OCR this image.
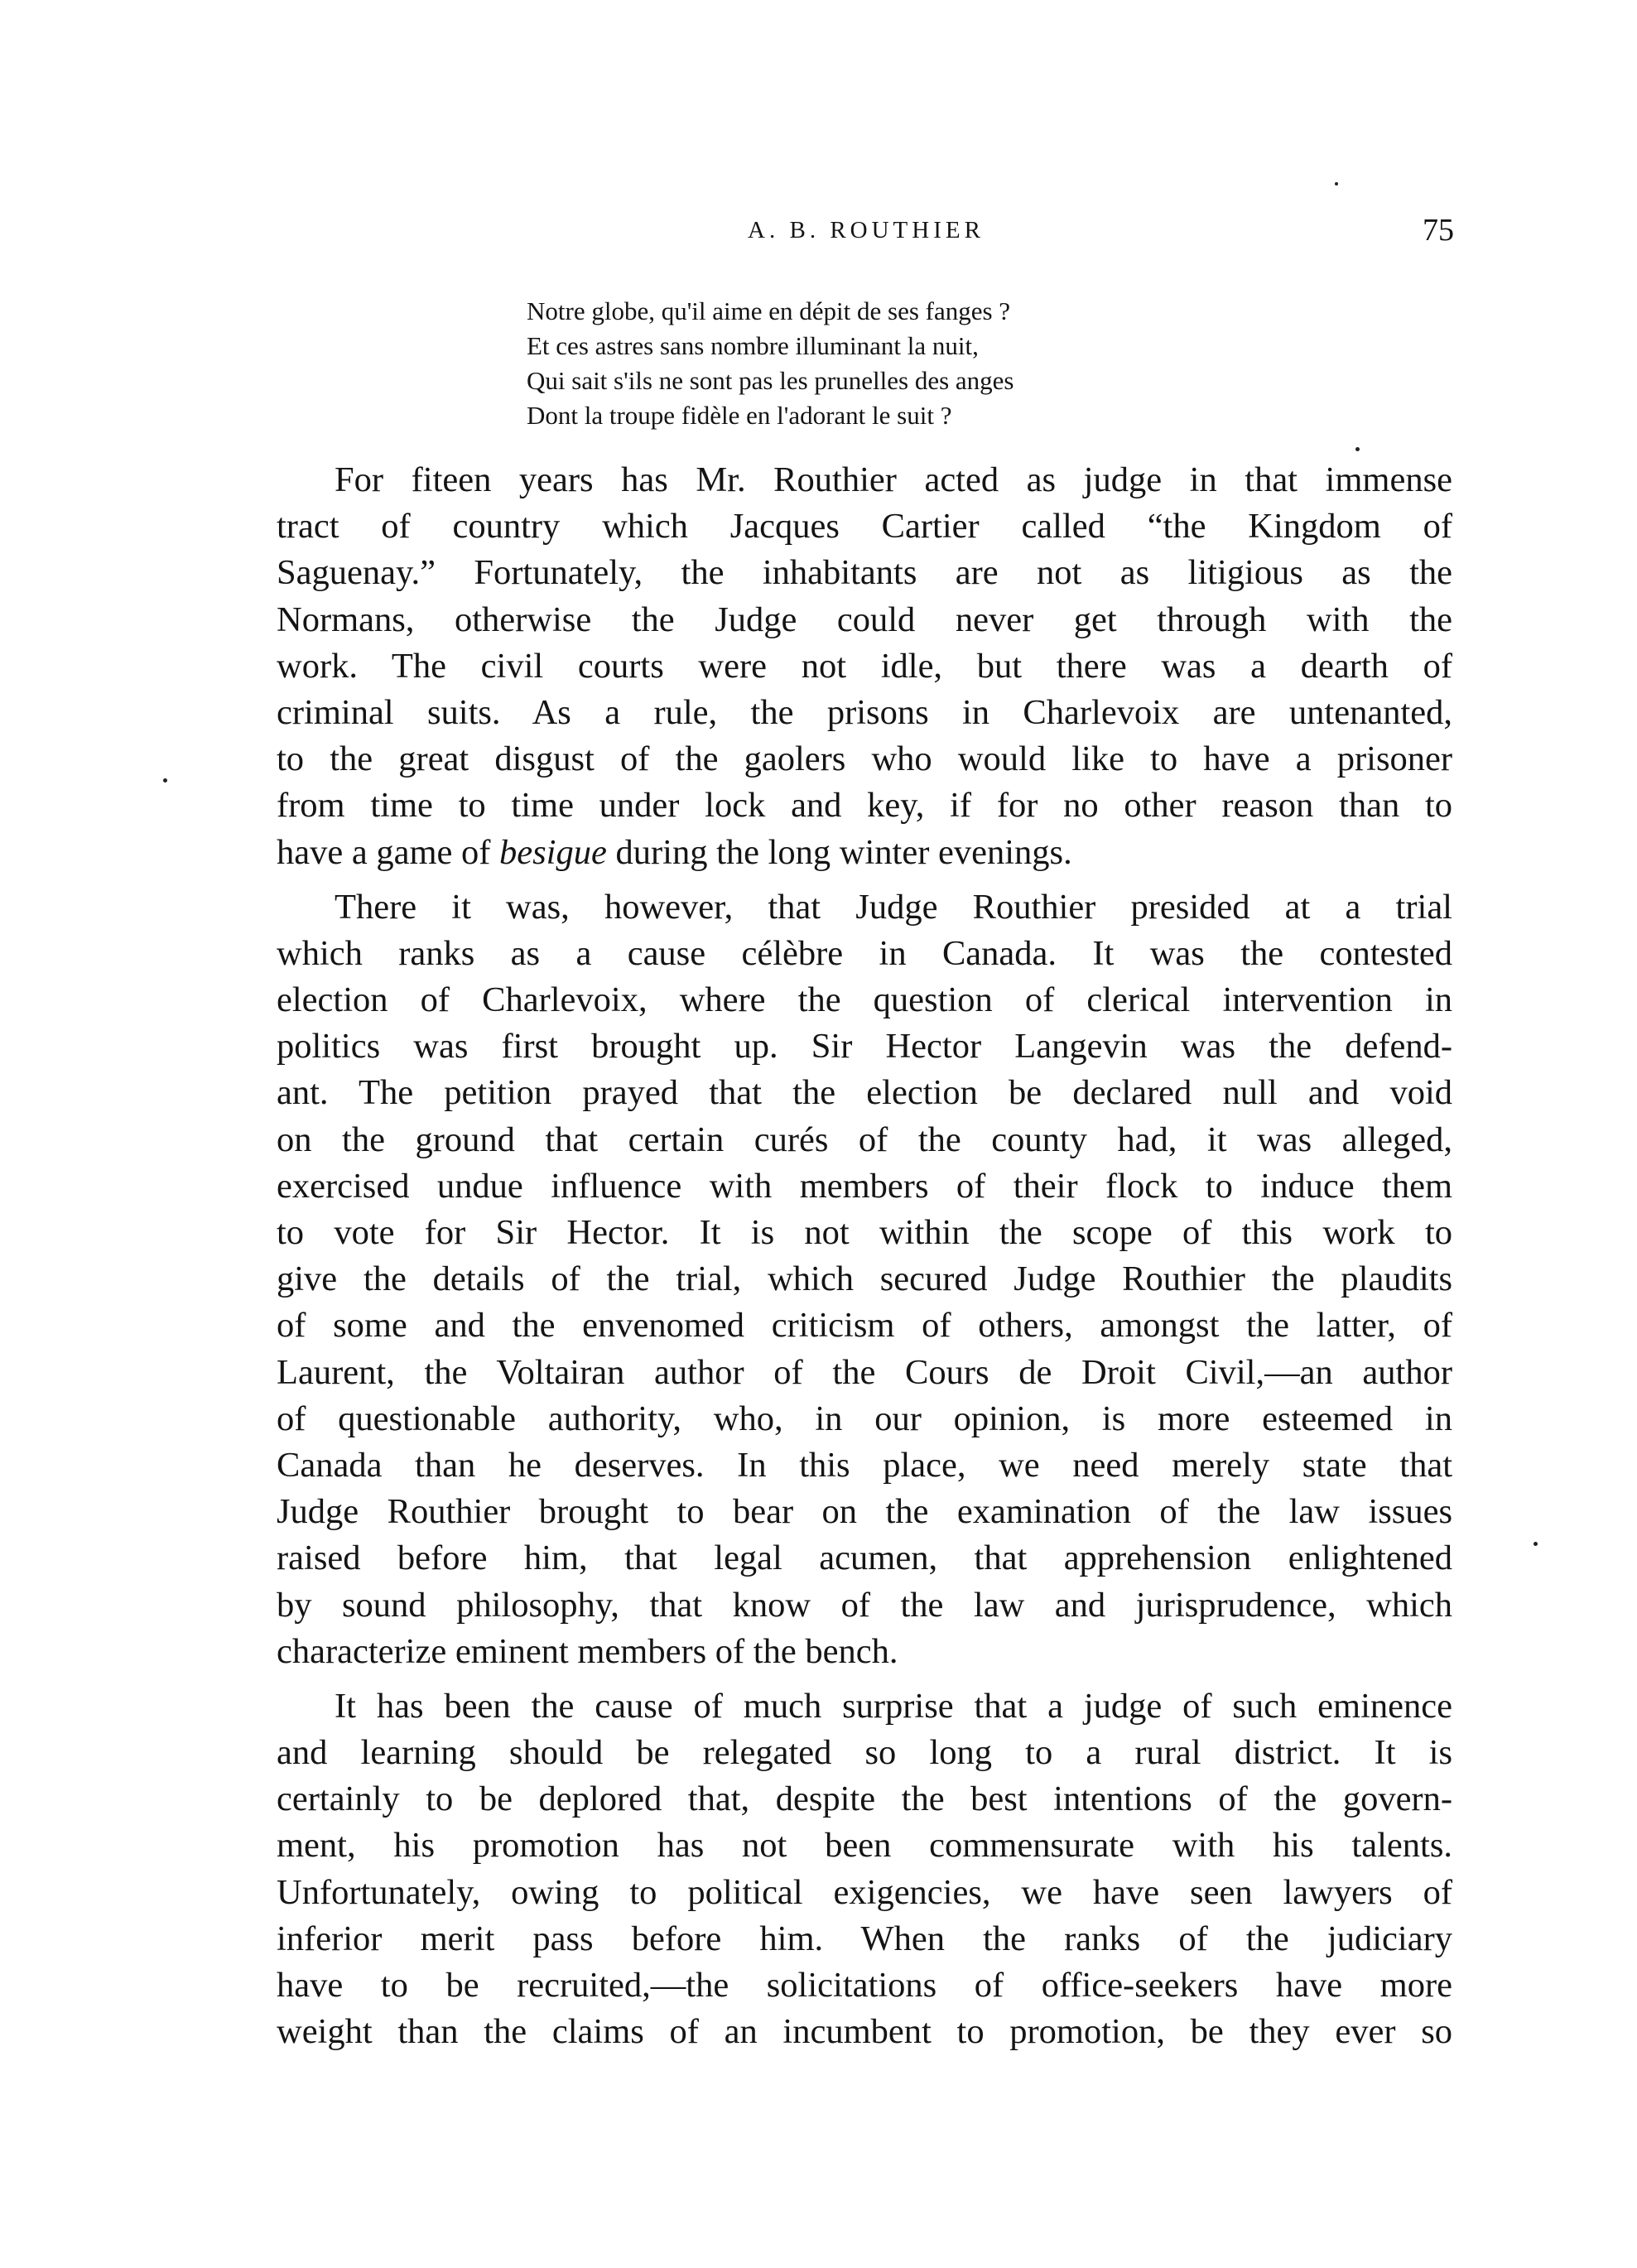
A. B. ROUTHIER	75
Notre globe, qu'il aime en dépit de ses fanges ?
Et ces astres sans nombre illuminant la nuit,
Qui sait s'ils ne sont pas les prunelles des anges
Dont la troupe fidèle en l'adorant le suit ?
For fiteen years has Mr. Routhier acted as judge in that immense
tract of country which Jacques Cartier called “the Kingdom of
Saguenay.” Fortunately, the inhabitants are not as litigious as the
Normans, otherwise the Judge could never get through with the
work. The civil courts were not idle, but there was a dearth of
criminal suits. As a rule, the prisons in Charlevoix are untenanted,
to the great disgust of the gaolers who would like to have a prisoner
from time to time under lock and key, if for no other reason than to
have a game of besigue during the long winter evenings.
There it was, however, that Judge Routhier presided at a trial
which ranks as a cause célèbre in Canada. It was the contested
election of Charlevoix, where the question of clerical intervention in
politics was first brought up. Sir Hector Langevin was the defend-
ant. The petition prayed that the election be declared null and void
on the ground that certain curés of the county had, it was alleged,
exercised undue influence with members of their flock to induce them
to vote for Sir Hector. It is not within the scope of this work to
give the details of the trial, which secured Judge Routhier the plaudits
of some and the envenomed criticism of others, amongst the latter, of
Laurent, the Voltairan author of the Cours de Droit Civil,—an author
of questionable authority, who, in our opinion, is more esteemed in
Canada than he deserves. In this place, we need merely state that
Judge Routhier brought to bear on the examination of the law issues
raised before him, that legal acumen, that apprehension enlightened
by sound philosophy, that know of the law and jurisprudence, which
characterize eminent members of the bench.
It has been the cause of much surprise that a judge of such eminence
and learning should be relegated so long to a rural district. It is
certainly to be deplored that, despite the best intentions of the govern-
ment, his promotion has not been commensurate with his talents.
Unfortunately, owing to political exigencies, we have seen lawyers of
inferior merit pass before him. When the ranks of the judiciary
have to be recruited,—the solicitations of office-seekers have more
weight than the claims of an incumbent to promotion, be they ever so
